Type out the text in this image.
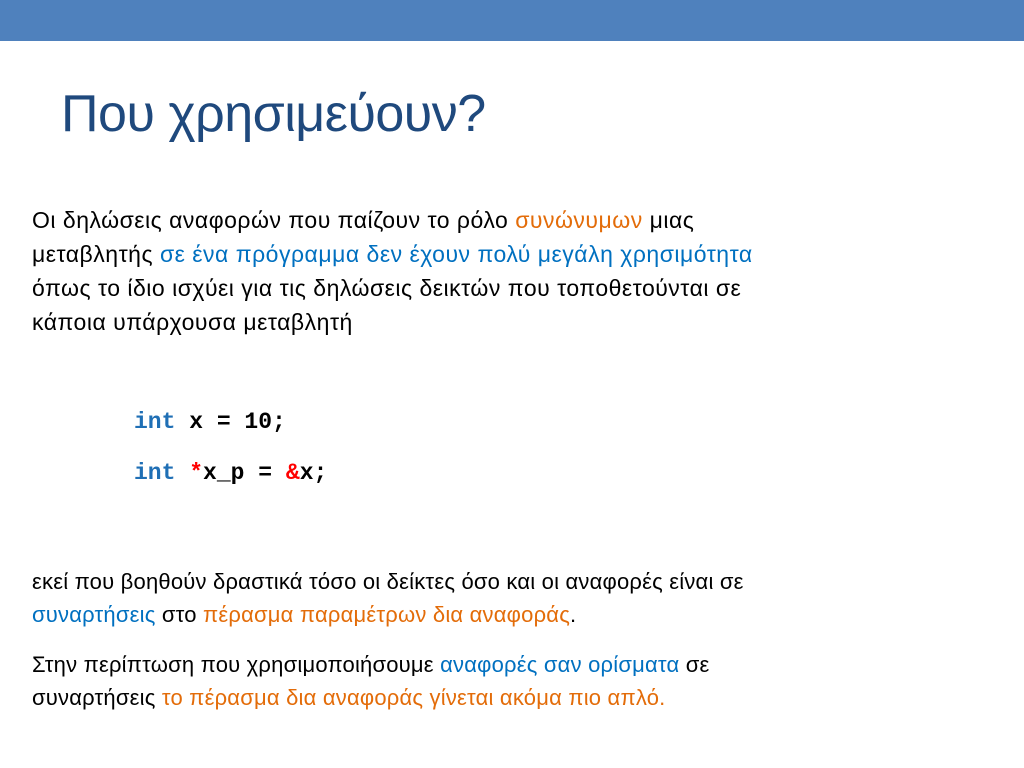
Που χρησιμεύουν?
Οι δηλώσεις αναφορών που παίζουν το ρόλο συνώνυμων μιας
μεταβλητής σε ένα πρόγραμμα δεν έχουν πολύ μεγάλη χρησιμότητα
όπως το ίδιο ισχύει για τις δηλώσεις δεικτών που τοποθετούνται σε
κάποια υπάρχουσα μεταβλητή
int x = 10;
int *x_p = &x;
εκεί που βοηθούν δραστικά τόσο οι δείκτες όσο και οι αναφορές είναι σε
συναρτήσεις στο πέρασμα παραμέτρων δια αναφοράς.
Στην περίπτωση που χρησιμοποιήσουμε αναφορές σαν ορίσματα σε
συναρτήσεις το πέρασμα δια αναφοράς γίνεται ακόμα πιο απλό.
